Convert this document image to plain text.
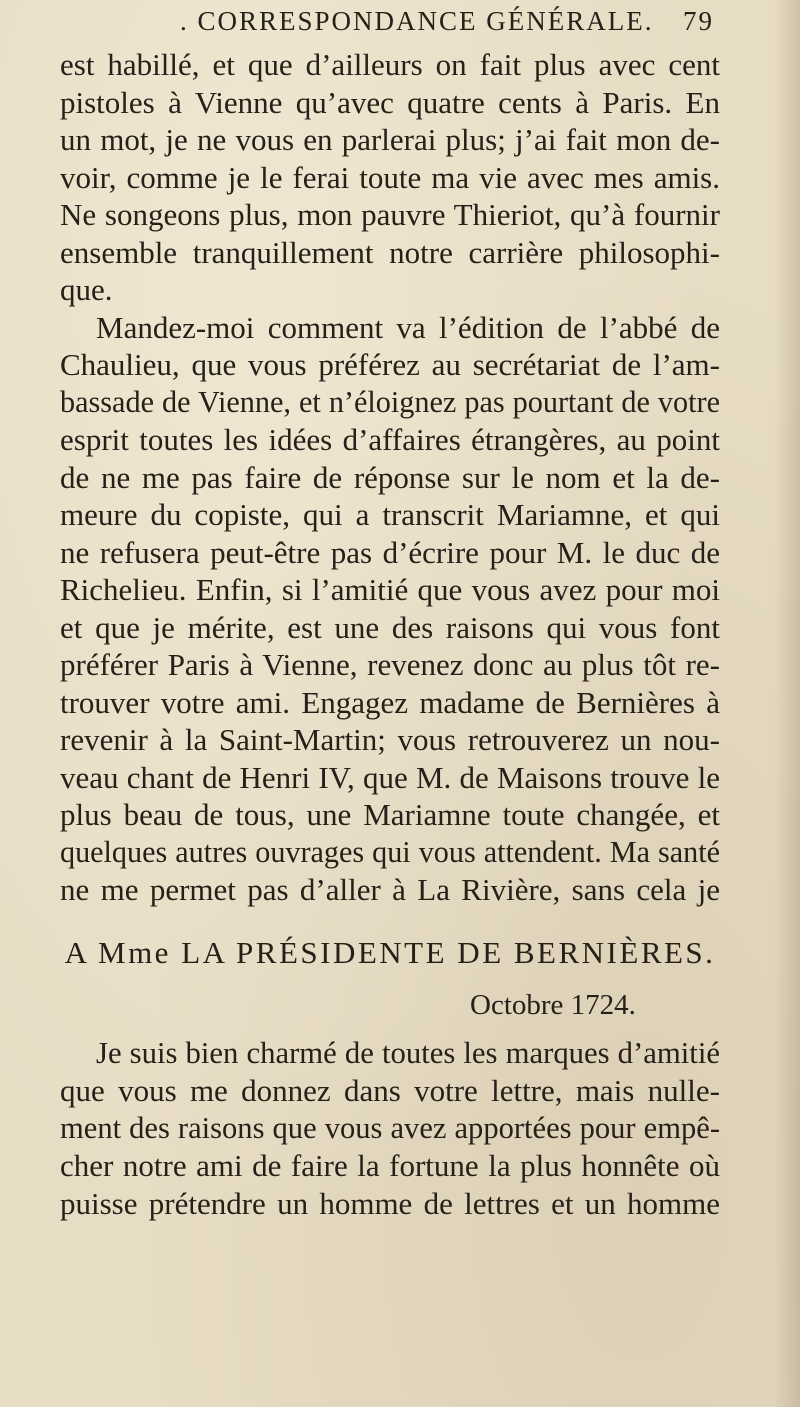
. CORRESPONDANCE GÉNÉRALE. 79
est habillé, et que d’ailleurs on fait plus avec cent
pistoles à Vienne qu’avec quatre cents à Paris. En
un mot, je ne vous en parlerai plus; j’ai fait mon de-
voir, comme je le ferai toute ma vie avec mes amis.
Ne songeons plus, mon pauvre Thieriot, qu’à fournir
ensemble tranquillement notre carrière philosophi-
que.
Mandez-moi comment va l’édition de l’abbé de
Chaulieu, que vous préférez au secrétariat de l’am-
bassade de Vienne, et n’éloignez pas pourtant de votre
esprit toutes les idées d’affaires étrangères, au point
de ne me pas faire de réponse sur le nom et la de-
meure du copiste, qui a transcrit Mariamne, et qui
ne refusera peut-être pas d’écrire pour M. le duc de
Richelieu. Enfin, si l’amitié que vous avez pour moi
et que je mérite, est une des raisons qui vous font
préférer Paris à Vienne, revenez donc au plus tôt re-
trouver votre ami. Engagez madame de Bernières à
revenir à la Saint-Martin; vous retrouverez un nou-
veau chant de Henri IV, que M. de Maisons trouve le
plus beau de tous, une Mariamne toute changée, et
quelques autres ouvrages qui vous attendent. Ma santé
ne me permet pas d’aller à La Rivière, sans cela je
A Mme LA PRÉSIDENTE DE BERNIÈRES.
Octobre 1724.
Je suis bien charmé de toutes les marques d’amitié
que vous me donnez dans votre lettre, mais nulle-
ment des raisons que vous avez apportées pour empê-
cher notre ami de faire la fortune la plus honnête où
puisse prétendre un homme de lettres et un homme
